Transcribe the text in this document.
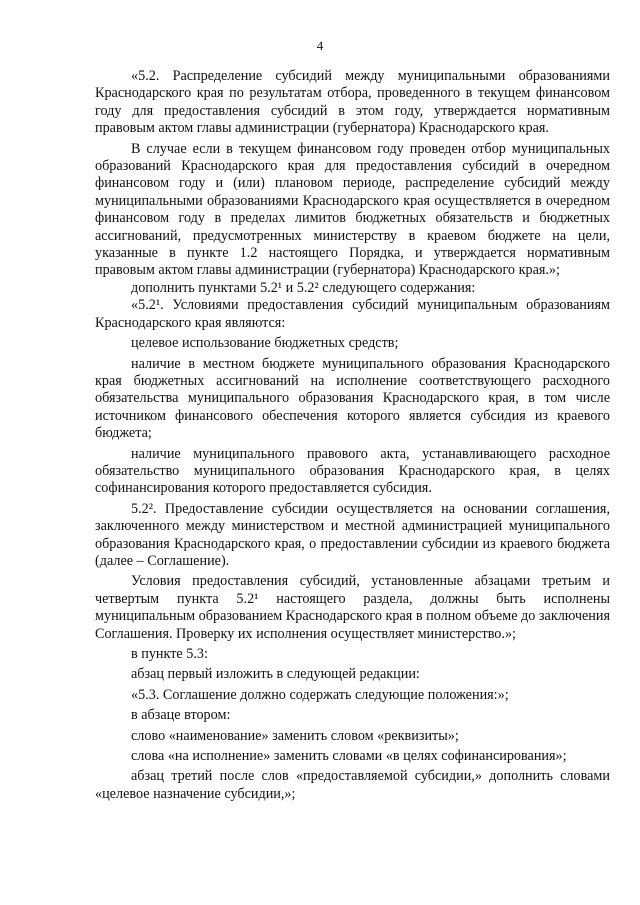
4

«5.2. Распределение субсидий между муниципальными образованиями Краснодарского края по результатам отбора, проведенного в текущем финансовом году для предоставления субсидий в этом году, утверждается нормативным правовым актом главы администрации (губернатора) Краснодарского края.

В случае если в текущем финансовом году проведен отбор муниципальных образований Краснодарского края для предоставления субсидий в очередном финансовом году и (или) плановом периоде, распределение субсидий между муниципальными образованиями Краснодарского края осуществляется в очередном финансовом году в пределах лимитов бюджетных обязательств и бюджетных ассигнований, предусмотренных министерству в краевом бюджете на цели, указанные в пункте 1.2 настоящего Порядка, и утверждается нормативным правовым актом главы администрации (губернатора) Краснодарского края.»;

дополнить пунктами 5.2¹ и 5.2² следующего содержания:

«5.2¹. Условиями предоставления субсидий муниципальным образованиям Краснодарского края являются:

целевое использование бюджетных средств;

наличие в местном бюджете муниципального образования Краснодарского края бюджетных ассигнований на исполнение соответствующего расходного обязательства муниципального образования Краснодарского края, в том числе источником финансового обеспечения которого является субсидия из краевого бюджета;

наличие муниципального правового акта, устанавливающего расходное обязательство муниципального образования Краснодарского края, в целях софинансирования которого предоставляется субсидия.

5.2². Предоставление субсидии осуществляется на основании соглашения, заключенного между министерством и местной администрацией муниципального образования Краснодарского края, о предоставлении субсидии из краевого бюджета (далее – Соглашение).

Условия предоставления субсидий, установленные абзацами третьим и четвертым пункта 5.2¹ настоящего раздела, должны быть исполнены муниципальным образованием Краснодарского края в полном объеме до заключения Соглашения. Проверку их исполнения осуществляет министерство.»;

в пункте 5.3:

абзац первый изложить в следующей редакции:

«5.3. Соглашение должно содержать следующие положения:»;

в абзаце втором:

слово «наименование» заменить словом «реквизиты»;

слова «на исполнение» заменить словами «в целях софинансирования»;

абзац третий после слов «предоставляемой субсидии,» дополнить словами «целевое назначение субсидии,»;
